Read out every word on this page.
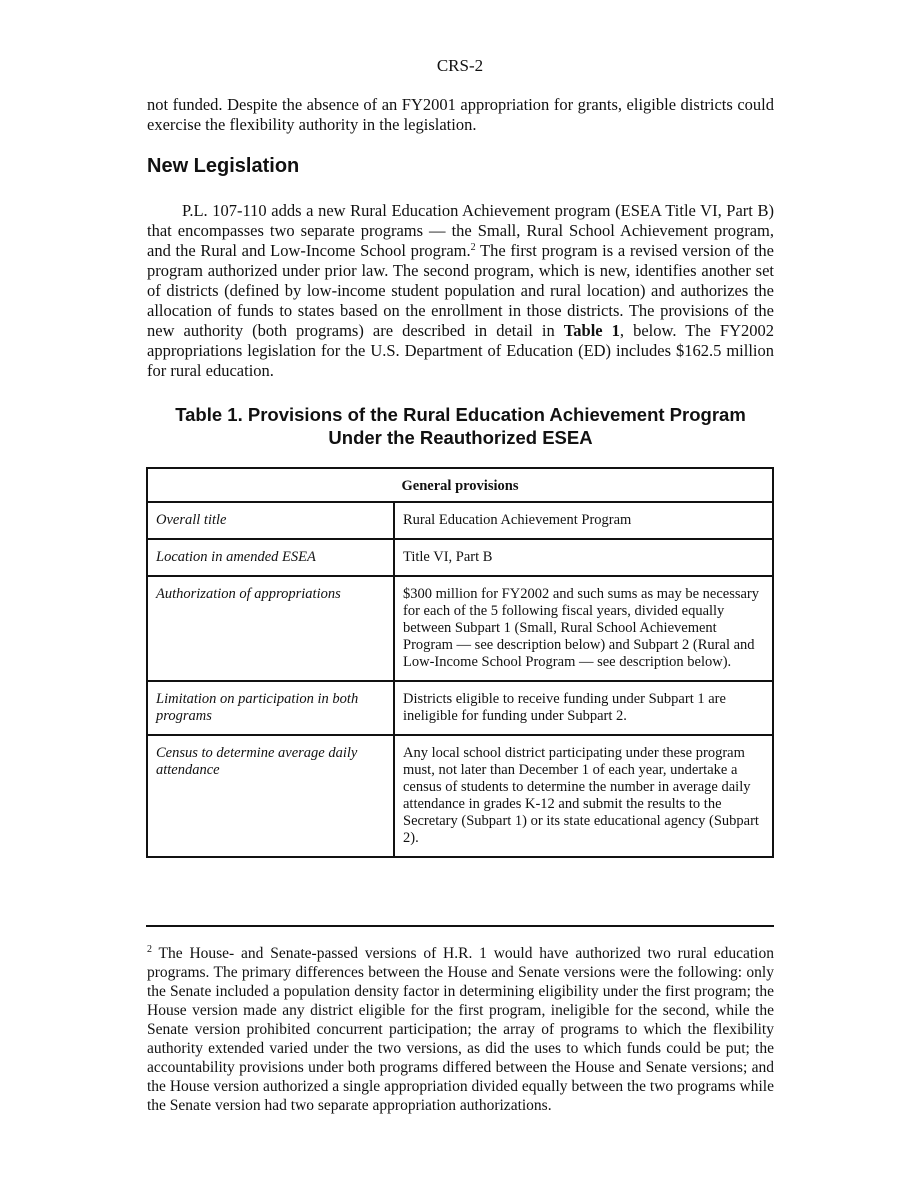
CRS-2

not funded. Despite the absence of an FY2001 appropriation for grants, eligible districts could exercise the flexibility authority in the legislation.

New Legislation

P.L. 107-110 adds a new Rural Education Achievement program (ESEA Title VI, Part B) that encompasses two separate programs — the Small, Rural School Achievement program, and the Rural and Low-Income School program.$^2$ The first program is a revised version of the program authorized under prior law. The second program, which is new, identifies another set of districts (defined by low-income student population and rural location) and authorizes the allocation of funds to states based on the enrollment in those districts. The provisions of the new authority (both programs) are described in detail in Table 1, below. The FY2002 appropriations legislation for the U.S. Department of Education (ED) includes $162.5 million for rural education.

Table 1. Provisions of the Rural Education Achievement Program
Under the Reauthorized ESEA
General provisions	
Overall title	Rural Education Achievement Program
Location in amended ESEA	Title VI, Part B
Authorization of appropriations	$300 million for FY2002 and such sums as may be necessary for each of the 5 following fiscal years, divided equally between Subpart 1 (Small, Rural School Achievement Program — see description below) and Subpart 2 (Rural and Low-Income School Program — see description below).
Limitation on participation in both programs	Districts eligible to receive funding under Subpart 1 are ineligible for funding under Subpart 2.
Census to determine average daily attendance	Any local school district participating under these program must, not later than December 1 of each year, undertake a census of students to determine the number in average daily attendance in grades K-12 and submit the results to the Secretary (Subpart 1) or its state educational agency (Subpart 2).

$^2$ The House- and Senate-passed versions of H.R. 1 would have authorized two rural education programs. The primary differences between the House and Senate versions were the following: only the Senate included a population density factor in determining eligibility under the first program; the House version made any district eligible for the first program, ineligible for the second, while the Senate version prohibited concurrent participation; the array of programs to which the flexibility authority extended varied under the two versions, as did the uses to which funds could be put; the accountability provisions under both programs differed between the House and Senate versions; and the House version authorized a single appropriation divided equally between the two programs while the Senate version had two separate appropriation authorizations.
